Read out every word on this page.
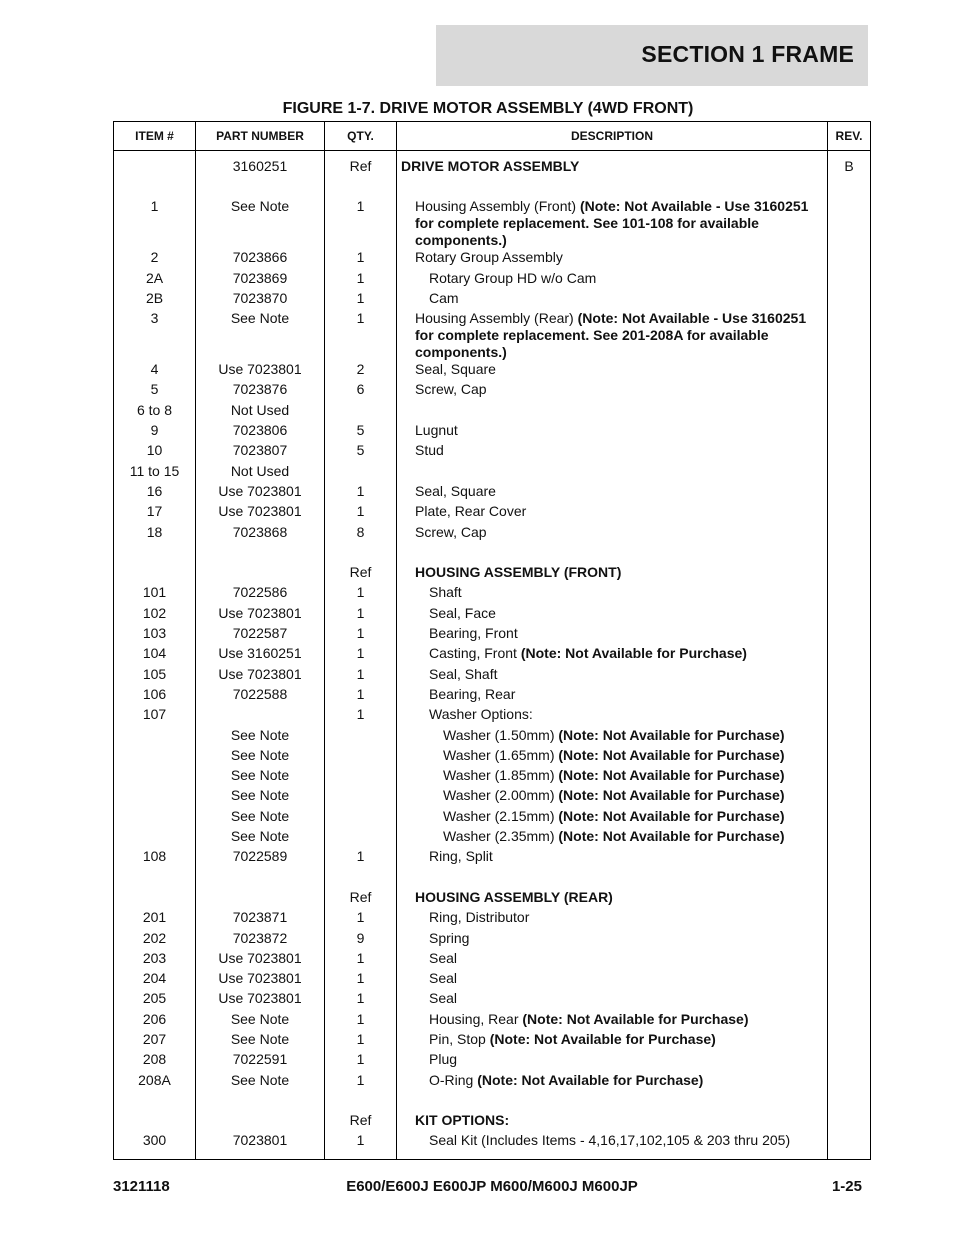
SECTION 1 FRAME
FIGURE 1-7. DRIVE MOTOR ASSEMBLY (4WD FRONT)
ITEM #	PART NUMBER	QTY.	DESCRIPTION	REV.
	3160251	Ref	DRIVE MOTOR ASSEMBLY	B

1	See Note	1	Housing Assembly (Front) (Note: Not Available - Use 3160251 for complete replacement. See 101-108 for available components.)	

2	7023866	1	Rotary Group Assembly	

2A	7023869	1	Rotary Group HD w/o Cam	

2B	7023870	1	Cam	

3	See Note	1	Housing Assembly (Rear) (Note: Not Available - Use 3160251 for complete replacement. See 201-208A for available components.)	

4	Use 7023801	2	Seal, Square	

5	7023876	6	Screw, Cap	

6 to 8	Not Used		

9	7023806	5	Lugnut	

10	7023807	5	Stud	

11 to 15	Not Used		

16	Use 7023801	1	Seal, Square	

17	Use 7023801	1	Plate, Rear Cover	

18	7023868	8	Screw, Cap	

		Ref	HOUSING ASSEMBLY (FRONT)	

101	7022586	1	Shaft	

102	Use 7023801	1	Seal, Face	

103	7022587	1	Bearing, Front	

104	Use 3160251	1	Casting, Front (Note: Not Available for Purchase)	

105	Use 7023801	1	Seal, Shaft	

106	7022588	1	Bearing, Rear	

107		1	Washer Options:	

	See Note		Washer (1.50mm) (Note: Not Available for Purchase)	

	See Note		Washer (1.65mm) (Note: Not Available for Purchase)	

	See Note		Washer (1.85mm) (Note: Not Available for Purchase)	

	See Note		Washer (2.00mm) (Note: Not Available for Purchase)	

	See Note		Washer (2.15mm) (Note: Not Available for Purchase)	

	See Note		Washer (2.35mm) (Note: Not Available for Purchase)	

108	7022589	1	Ring, Split	

		Ref	HOUSING ASSEMBLY (REAR)	

201	7023871	1	Ring, Distributor	

202	7023872	9	Spring	

203	Use 7023801	1	Seal	

204	Use 7023801	1	Seal	

205	Use 7023801	1	Seal	

206	See Note	1	Housing, Rear (Note: Not Available for Purchase)	

207	See Note	1	Pin, Stop (Note: Not Available for Purchase)	

208	7022591	1	Plug	

208A	See Note	1	O-Ring (Note: Not Available for Purchase)	

		Ref	KIT OPTIONS:	

300	7023801	1	Seal Kit (Includes Items - 4,16,17,102,105 & 203 thru 205)	

3121118	E600/E600J E600JP M600/M600J M600JP	1-25
